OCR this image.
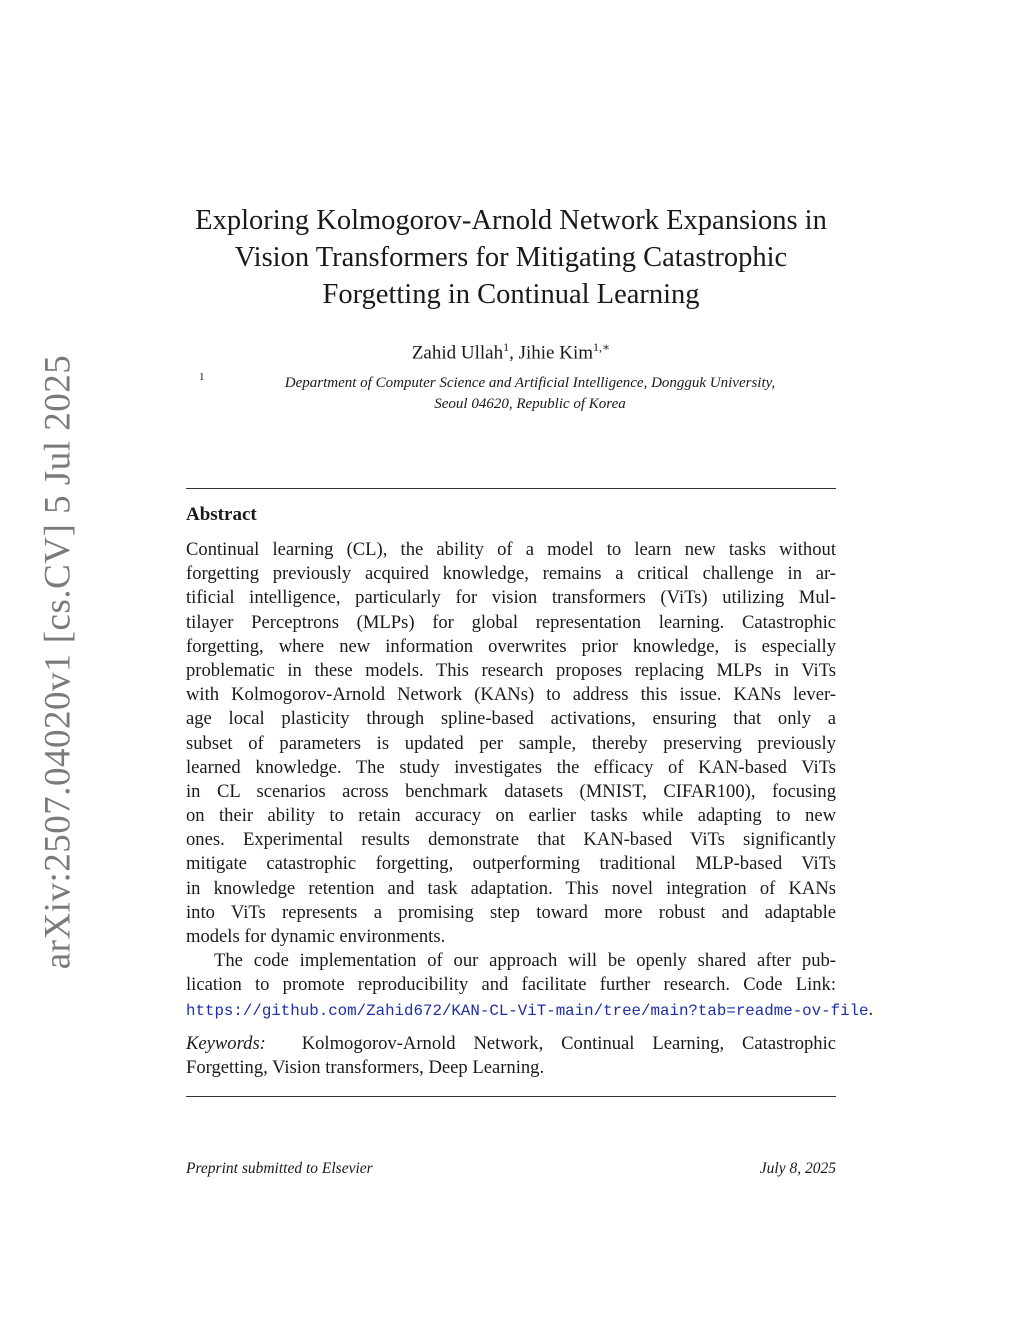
arXiv:2507.04020v1 [cs.CV] 5 Jul 2025
Exploring Kolmogorov-Arnold Network Expansions in
Vision Transformers for Mitigating Catastrophic
Forgetting in Continual Learning
Zahid Ullah$^1$, Jihie Kim$^{1,∗}$
1	Department of Computer Science and Artificial Intelligence, Dongguk University,
Seoul 04620, Republic of Korea
Abstract
Continual learning (CL), the ability of a model to learn new tasks without
forgetting previously acquired knowledge, remains a critical challenge in ar-
tificial intelligence, particularly for vision transformers (ViTs) utilizing Mul-
tilayer Perceptrons (MLPs) for global representation learning. Catastrophic
forgetting, where new information overwrites prior knowledge, is especially
problematic in these models. This research proposes replacing MLPs in ViTs
with Kolmogorov-Arnold Network (KANs) to address this issue. KANs lever-
age local plasticity through spline-based activations, ensuring that only a
subset of parameters is updated per sample, thereby preserving previously
learned knowledge. The study investigates the efficacy of KAN-based ViTs
in CL scenarios across benchmark datasets (MNIST, CIFAR100), focusing
on their ability to retain accuracy on earlier tasks while adapting to new
ones. Experimental results demonstrate that KAN-based ViTs significantly
mitigate catastrophic forgetting, outperforming traditional MLP-based ViTs
in knowledge retention and task adaptation. This novel integration of KANs
into ViTs represents a promising step toward more robust and adaptable
models for dynamic environments.
The code implementation of our approach will be openly shared after pub-
lication to promote reproducibility and facilitate further research. Code Link:
https://github.com/Zahid672/KAN-CL-ViT-main/tree/main?tab=readme-ov-file.
Keywords: Kolmogorov-Arnold Network, Continual Learning, Catastrophic
Forgetting, Vision transformers, Deep Learning.
Preprint submitted to Elsevier	July 8, 2025
